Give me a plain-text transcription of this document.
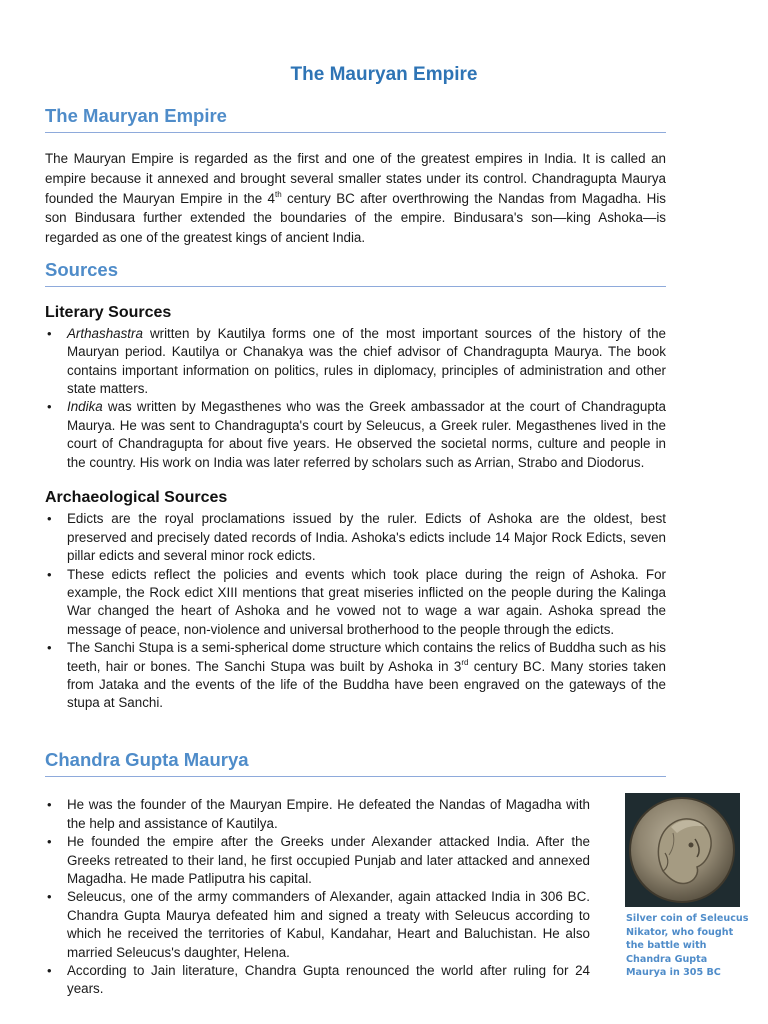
The Mauryan Empire
The Mauryan Empire

The Mauryan Empire is regarded as the first and one of the greatest empires in India. It is called an empire because it annexed and brought several smaller states under its control. Chandragupta Maurya founded the Mauryan Empire in the 4th century BC after overthrowing the Nandas from Magadha. His son Bindusara further extended the boundaries of the empire. Bindusara's son—king Ashoka—is regarded as one of the greatest kings of ancient India.

Sources
Literary Sources
• Arthashastra written by Kautilya forms one of the most important sources of the history of the Mauryan period. Kautilya or Chanakya was the chief advisor of Chandragupta Maurya. The book contains important information on politics, rules in diplomacy, principles of administration and other state matters.
• Indika was written by Megasthenes who was the Greek ambassador at the court of Chandragupta Maurya. He was sent to Chandragupta's court by Seleucus, a Greek ruler. Megasthenes lived in the court of Chandragupta for about five years. He observed the societal norms, culture and people in the country. His work on India was later referred by scholars such as Arrian, Strabo and Diodorus.
Archaeological Sources
• Edicts are the royal proclamations issued by the ruler. Edicts of Ashoka are the oldest, best preserved and precisely dated records of India. Ashoka's edicts include 14 Major Rock Edicts, seven pillar edicts and several minor rock edicts.
• These edicts reflect the policies and events which took place during the reign of Ashoka. For example, the Rock edict XIII mentions that great miseries inflicted on the people during the Kalinga War changed the heart of Ashoka and he vowed not to wage a war again. Ashoka spread the message of peace, non-violence and universal brotherhood to the people through the edicts.
• The Sanchi Stupa is a semi-spherical dome structure which contains the relics of Buddha such as his teeth, hair or bones. The Sanchi Stupa was built by Ashoka in 3rd century BC. Many stories taken from Jataka and the events of the life of the Buddha have been engraved on the gateways of the stupa at Sanchi.
Chandra Gupta Maurya
• He was the founder of the Mauryan Empire. He defeated the Nandas of Magadha with the help and assistance of Kautilya.
• He founded the empire after the Greeks under Alexander attacked India. After the Greeks retreated to their land, he first occupied Punjab and later attacked and annexed Magadha. He made Patliputra his capital.
• Seleucus, one of the army commanders of Alexander, again attacked India in 306 BC. Chandra Gupta Maurya defeated him and signed a treaty with Seleucus according to which he received the territories of Kabul, Kandahar, Heart and Baluchistan. He also married Seleucus's daughter, Helena.
• According to Jain literature, Chandra Gupta renounced the world after ruling for 24 years.

Silver coin of Seleucus Nikator, who fought the battle with Chandra Gupta Maurya in 305 BC
